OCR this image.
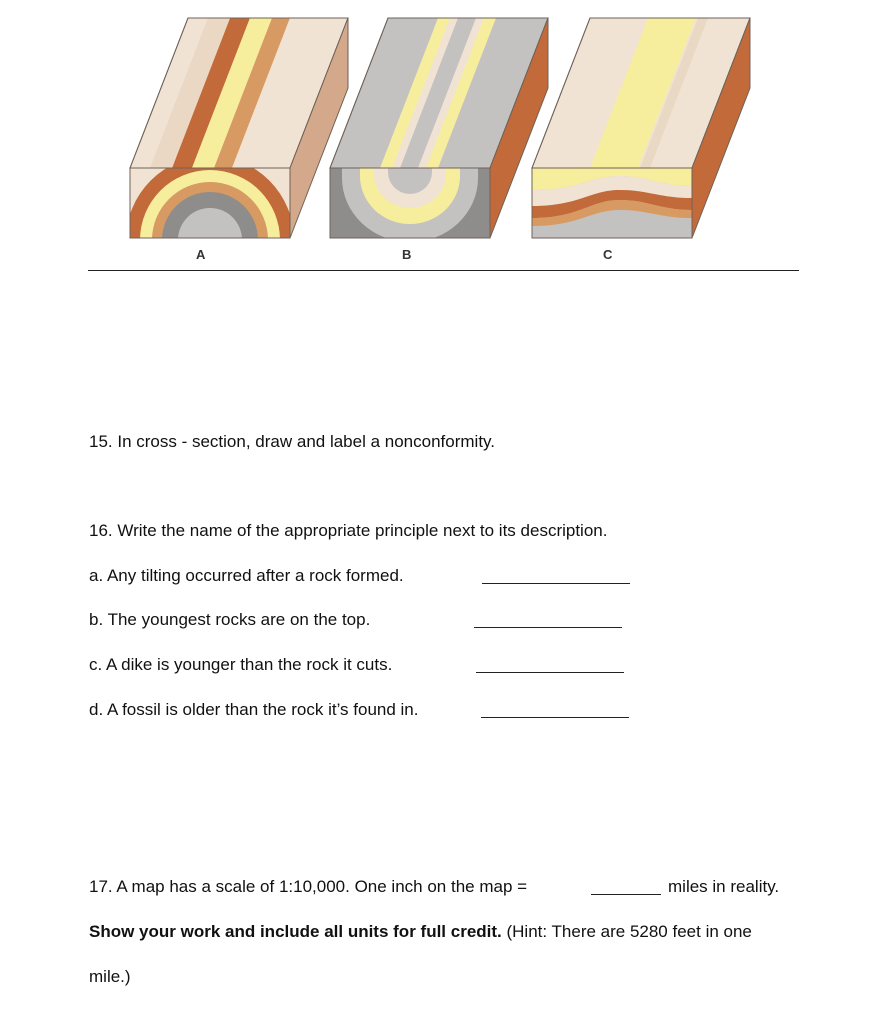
A	B	C
15. In cross - section, draw and label a nonconformity.
16. Write the name of the appropriate principle next to its description.
a. Any tilting occurred after a rock formed.
b. The youngest rocks are on the top.
c. A dike is younger than the rock it cuts.
d. A fossil is older than the rock it’s found in.
17. A map has a scale of 1:10,000. One inch on the map =	miles in reality.
Show your work and include all units for full credit. (Hint: There are 5280 feet in one
mile.)
